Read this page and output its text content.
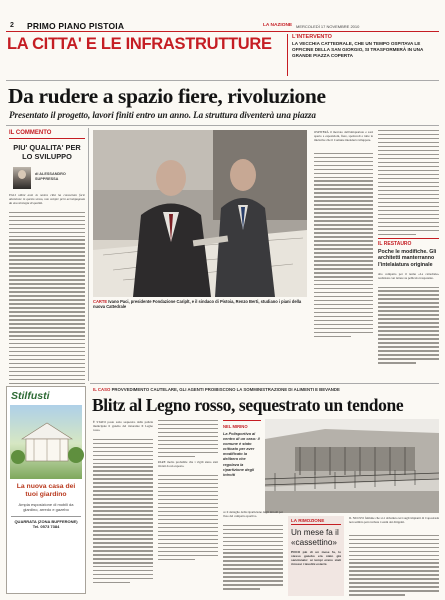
2 PRIMO PIANO PISTOIA	LA NAZIONE MERCOLEDÌ 17 NOVEMBRE 2010
LA CITTA' E LE INFRASTRUTTURE	L'INTERVENTO
LA VECCHIA CATTEDRALE, CHE UN TEMPO OSPITAVA LE OFFICINE DELLA SAN GIORGIO, SI TRASFORMERÀ IN UNA GRANDE PIAZZA COPERTA
Da rudere a spazio fiere, rivoluzione
Presentato il progetto, lavori finiti entro un anno. La struttura diventerà una piazza
IL COMMENTO
PIU' QUALITA' PER LO SVILUPPO
di ALESSANDRO SUPPRESSA
EGLI ultimi anni la nostra città ha conosciuto forte attenzione in questo senso, non sempre però accompagnata da una strategia di qualità.
CARTE Ivano Paci, presidente Fondazione Cariplt, e il sindaco di Pistoia, Renzo Berti, studiano i piani della nuova Cattedrale
OSPITERÀ il mercato dell'antiquariato e sarà aperto a esposizioni, fiere, spettacoli e tutte le iniziative che il Comune intenderà sviluppare.
IL RESTAURO
Poche le modifiche. Gli architetti manterranno l'intelaiatura originale
alto compatto per il nome «La cattedrale» realizzata con lettere su pellicola trasparente.
IL CASO PROVVEDIMENTO CAUTELARE, GLI AGENTI PROIBISCONO LA SOMMINISTRAZIONE DI ALIMENTI E BEVANDE
Blitz al Legno rosso, sequestrato un tendone
È STATO posto sotto sequestro dalla polizia municipale il gazebo del ristorante Il Legno rosso.
PARE molto probabile che i vigili siano stati inviati da un esposto.
NEL MIRINO
La Polisportiva al centro di un caso: il comune è stato criticato per aver modificato la delibera che regolava la ripartizione degli introiti
ce il dettaglio della ripartizione degli introiti per l'uso del campetto sportivo.
LA RIMOZIONE
Un mese fa il «cassettino»
POCO più di un mese fa, lo stesso gazebo era stato già sanzionato: ai tempi erano stati rimossi i tavolini esterni.
IL NUOVO fulmine che si è abbattuto ieri sugli impianti di Capostrada non sembra però turbare i sonni dei dirigenti.
Stilfusti
La nuova casa dei tuoi giardino
Ampia esposizione di mobili da giardino, arredo e gazebo
QUARRATA (ZONA BUFFERONE) Tel. 0573 7384
